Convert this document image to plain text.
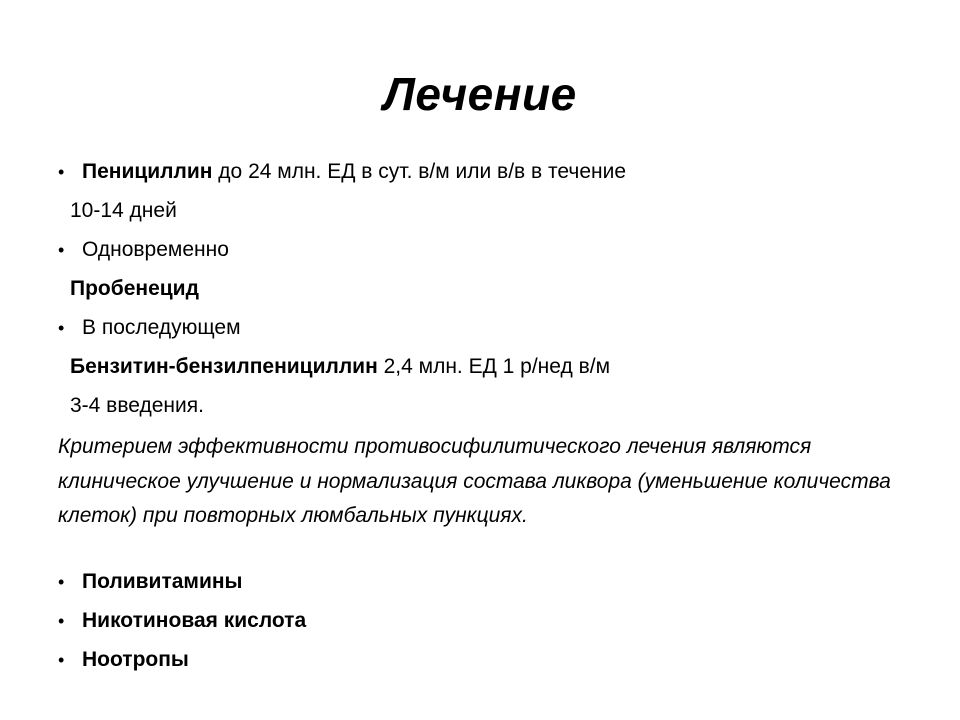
Лечение
• Пенициллин до 24 млн. ЕД в сут. в/м или в/в в течение
10-14 дней
• Одновременно
Пробенецид
• В последующем
Бензитин-бензилпенициллин 2,4 млн. ЕД 1 р/нед в/м
3-4 введения.
Критерием эффективности противосифилитического лечения являются клиническое улучшение и нормализация состава ликвора (уменьшение количества клеток) при повторных люмбальных пункциях.
• Поливитамины
• Никотиновая кислота
• Ноотропы
